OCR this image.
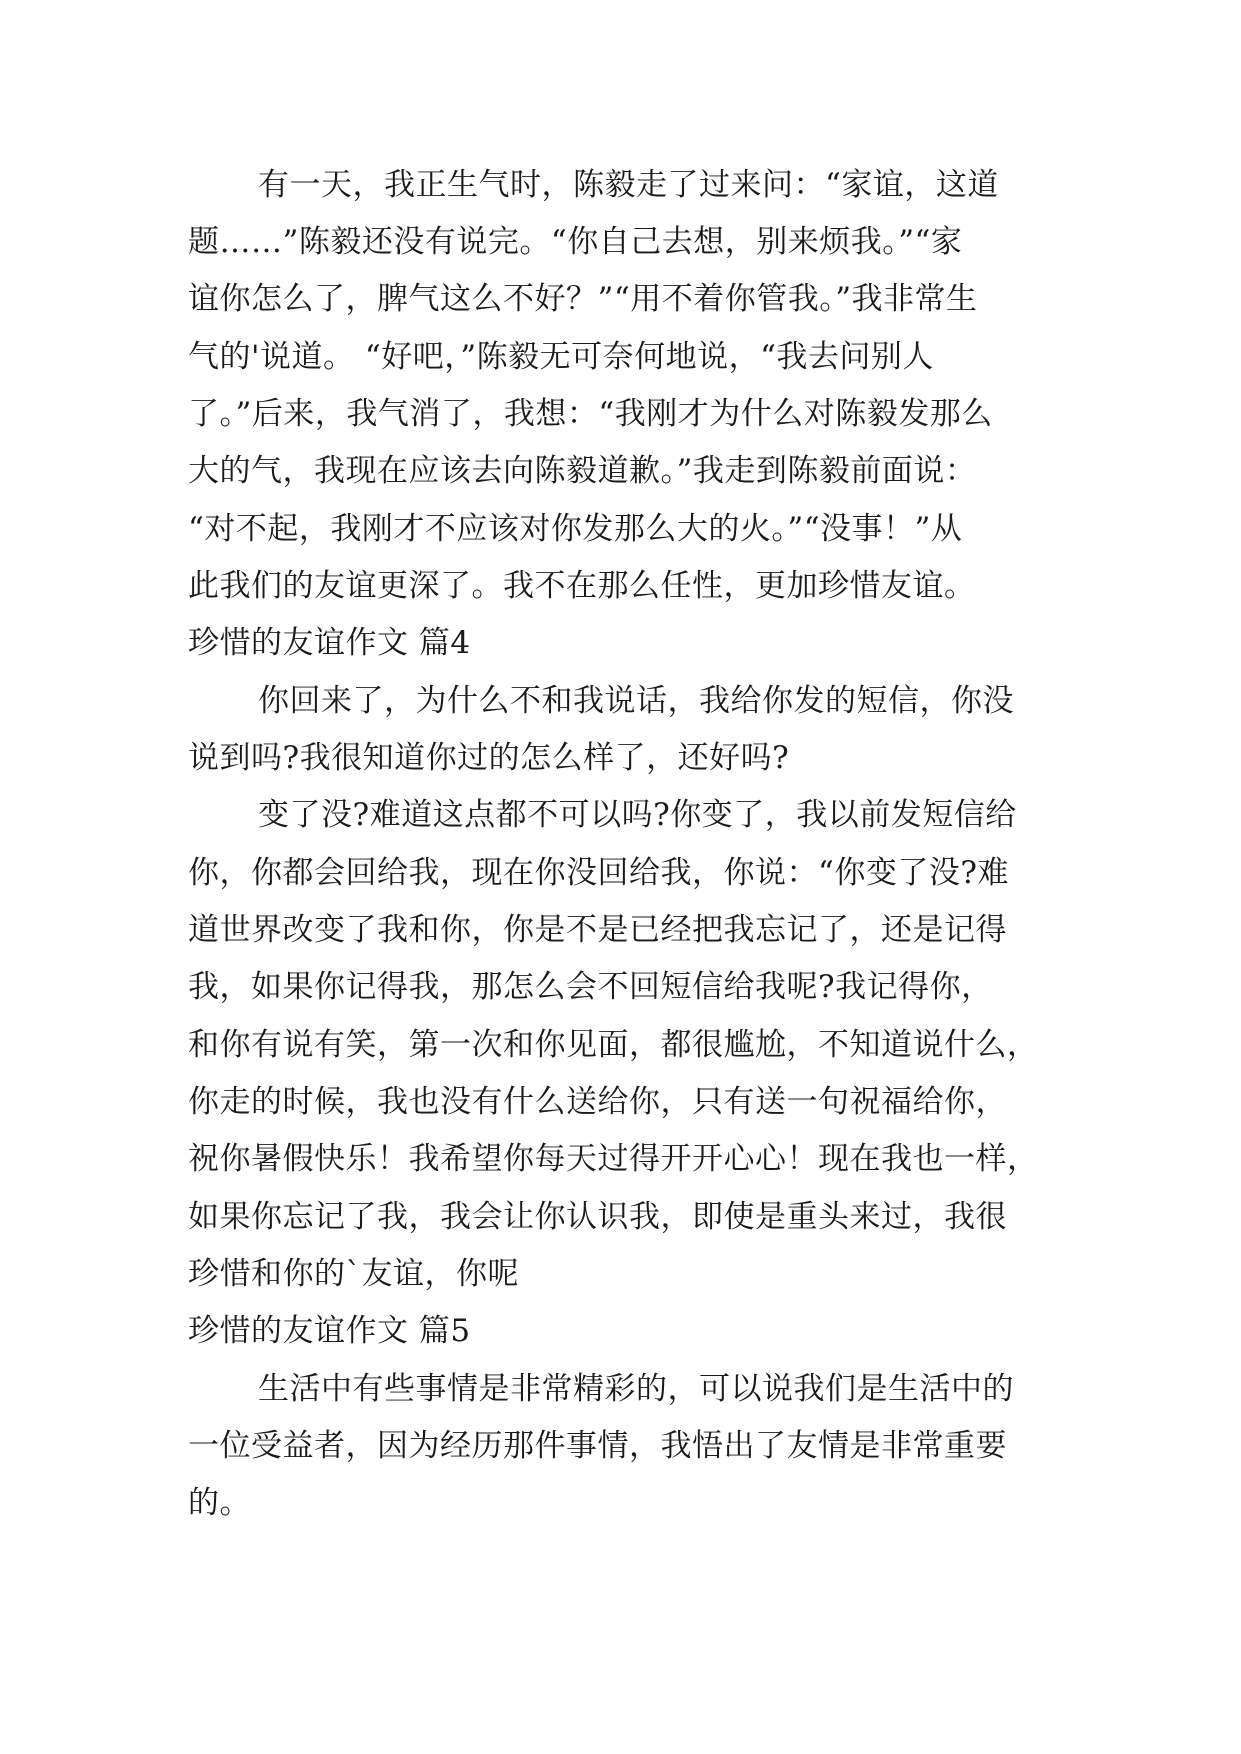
有一天，我正生气时，陈毅走了过来问：“家谊，这道
题……”陈毅还没有说完。“你自己去想，别来烦我。”“家
谊你怎么了，脾气这么不好？”“用不着你管我。”我非常生
气的'说道。 “好吧，”陈毅无可奈何地说，“我去问别人
了。”后来，我气消了，我想：“我刚才为什么对陈毅发那么
大的气，我现在应该去向陈毅道歉。”我走到陈毅前面说：
“对不起，我刚才不应该对你发那么大的火。”“没事！”从
此我们的友谊更深了。我不在那么任性，更加珍惜友谊。
珍惜的友谊作文 篇4
你回来了，为什么不和我说话，我给你发的短信，你没
说到吗?我很知道你过的怎么样了，还好吗?
变了没?难道这点都不可以吗?你变了，我以前发短信给
你，你都会回给我，现在你没回给我，你说：“你变了没?难
道世界改变了我和你，你是不是已经把我忘记了，还是记得
我，如果你记得我，那怎么会不回短信给我呢?我记得你，
和你有说有笑，第一次和你见面，都很尴尬，不知道说什么，
你走的时候，我也没有什么送给你，只有送一句祝福给你，
祝你暑假快乐！我希望你每天过得开开心心！现在我也一样，
如果你忘记了我，我会让你认识我，即使是重头来过，我很
珍惜和你的`友谊，你呢
珍惜的友谊作文 篇5
生活中有些事情是非常精彩的，可以说我们是生活中的
一位受益者，因为经历那件事情，我悟出了友情是非常重要
的。
